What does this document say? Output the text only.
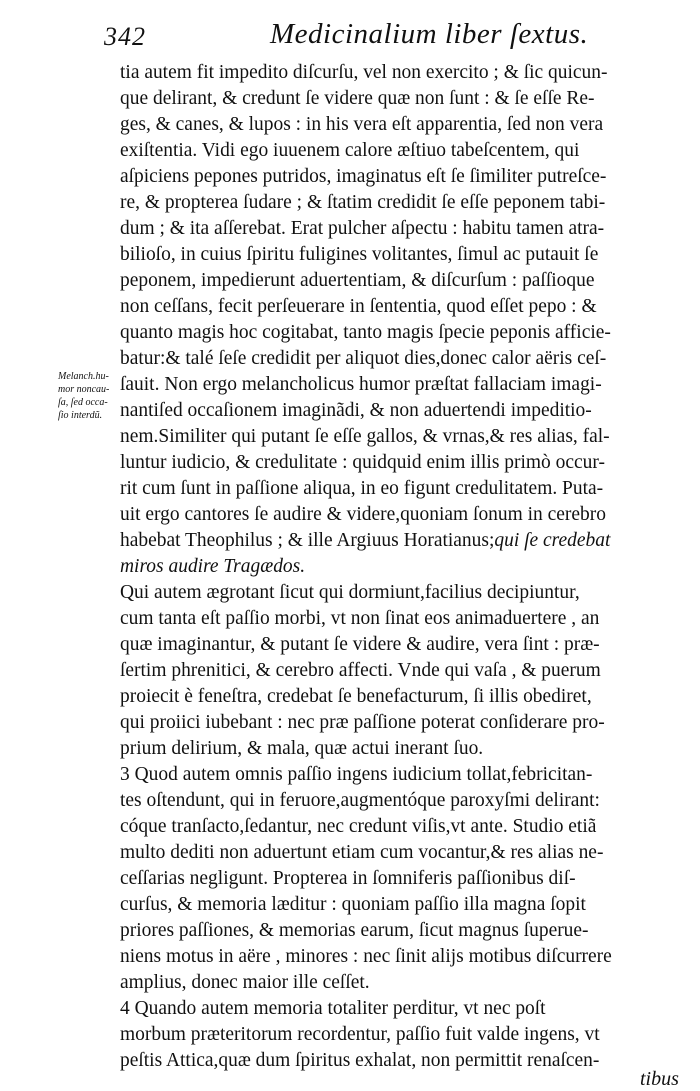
342	Medicinalium liber ſextus.
tia autem fit impedito diſcurſu, vel non exercito ; & ſic quicun-
que delirant, & credunt ſe videre quæ non ſunt : & ſe eſſe Re-
ges, & canes, & lupos : in his vera eſt apparentia, ſed non vera
exiſtentia. Vidi ego iuuenem calore æſtiuo tabeſcentem, qui
aſpiciens pepones putridos, imaginatus eſt ſe ſimiliter putreſce-
re, & propterea ſudare ; & ſtatim credidit ſe eſſe peponem tabi-
dum ; & ita aſſerebat. Erat pulcher aſpectu : habitu tamen atra-
bilioſo, in cuius ſpiritu fuligines volitantes, ſimul ac putauit ſe
peponem, impedierunt aduertentiam, & diſcurſum : paſſioque
non ceſſans, fecit perſeuerare in ſententia, quod eſſet pepo : &
quanto magis hoc cogitabat, tanto magis ſpecie peponis afficie-
batur:& talé ſeſe credidit per aliquot dies,donec calor aëris ceſ-
ſauit. Non ergo melancholicus humor præſtat fallaciam imagi-
nantiſed occaſionem imaginãdi, & non aduertendi impeditio-
nem.Similiter qui putant ſe eſſe gallos, & vrnas,& res alias, fal-
luntur iudicio, & credulitate : quidquid enim illis primò occur-
rit cum ſunt in paſſione aliqua, in eo figunt credulitatem. Puta-
uit ergo cantores ſe audire & videre,quoniam ſonum in cerebro
habebat Theophilus ; & ille Argiuus Horatianus;qui ſe credebat
miros audire Tragædos.
Qui autem ægrotant ſicut qui dormiunt,facilius decipiuntur,
cum tanta eſt paſſio morbi, vt non ſinat eos animaduertere , an
quæ imaginantur, & putant ſe videre & audire, vera ſint : præ-
ſertim phrenitici, & cerebro affecti. Vnde qui vaſa , & puerum
proiecit è feneſtra, credebat ſe benefacturum, ſi illis obediret,
qui proiici iubebant : nec præ paſſione poterat conſiderare pro-
prium delirium, & mala, quæ actui inerant ſuo.
3 Quod autem omnis paſſio ingens iudicium tollat,febricitan-
tes oſtendunt, qui in feruore,augmentóque paroxyſmi delirant:
cóque tranſacto,ſedantur, nec credunt viſis,vt ante. Studio etiã
multo dediti non aduertunt etiam cum vocantur,& res alias ne-
ceſſarias negligunt. Propterea in ſomniferis paſſionibus diſ-
curſus, & memoria læditur : quoniam paſſio illa magna ſopit
priores paſſiones, & memorias earum, ſicut magnus ſuperue-
niens motus in aëre , minores : nec ſinit alijs motibus diſcurrere
amplius, donec maior ille ceſſet.
4 Quando autem memoria totaliter perditur, vt nec poſt
morbum præteritorum recordentur, paſſio fuit valde ingens, vt
peſtis Attica,quæ dum ſpiritus exhalat, non permittit renaſcen-
Melanch.hu-
mor noncau-
ſa, ſed occa-
ſio interdũ.
tibus
